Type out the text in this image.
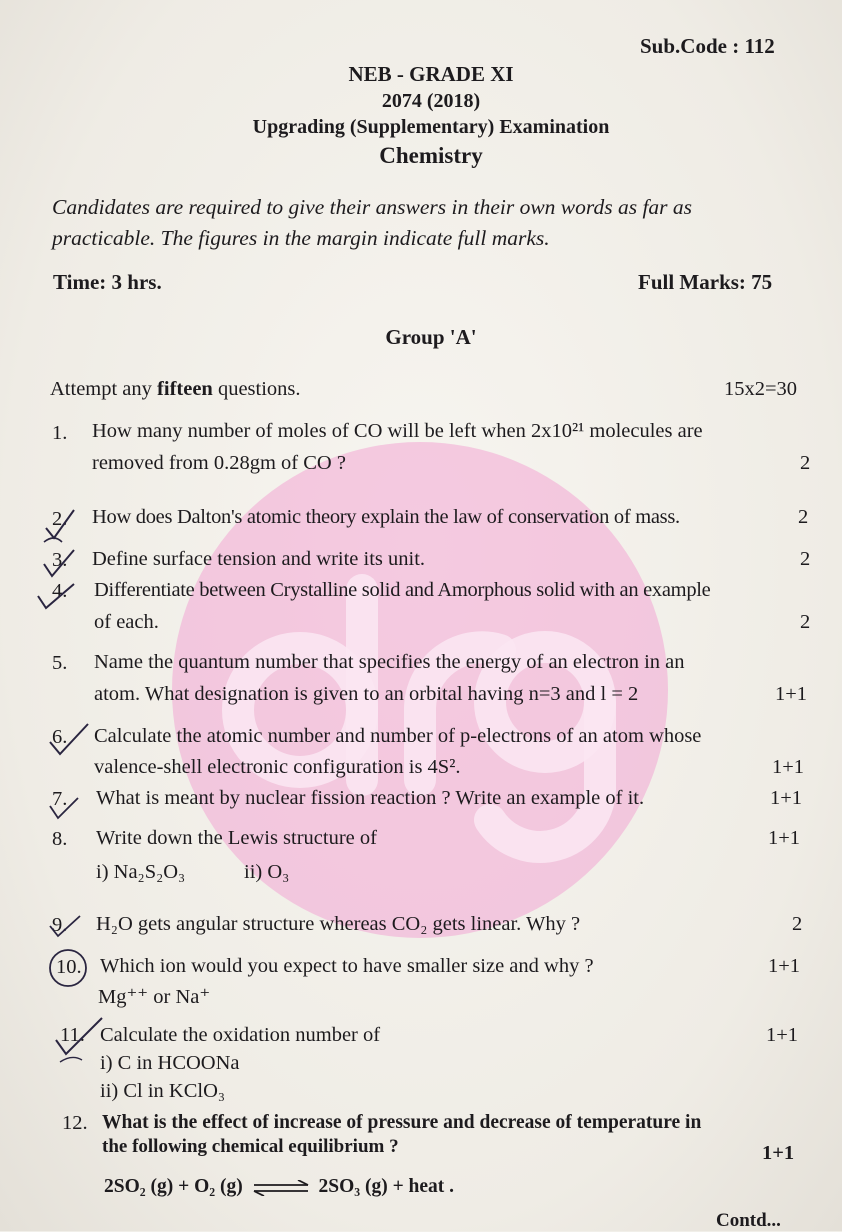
Sub.Code : 112
NEB - GRADE XI
2074 (2018)
Upgrading (Supplementary) Examination
Chemistry
Candidates are required to give their answers in their own words as far as
practicable. The figures in the margin indicate full marks.
Time: 3 hrs.	Full Marks: 75
Group 'A'
Attempt any fifteen questions.	15x2=30
1. How many number of moles of CO will be left when 2x10²¹ molecules are
removed from 0.28gm of CO ?	2
2. How does Dalton's atomic theory explain the law of conservation of mass.	2
3. Define surface tension and write its unit.	2
4. Differentiate between Crystalline solid and Amorphous solid with an example
of each.	2
5. Name the quantum number that specifies the energy of an electron in an
atom. What designation is given to an orbital having n=3 and l = 2	1+1
6. Calculate the atomic number and number of p-electrons of an atom whose
valence-shell electronic configuration is 4S².	1+1
7. What is meant by nuclear fission reaction ? Write an example of it.	1+1
8. Write down the Lewis structure of	1+1
i) Na₂S₂O₃	ii) O₃
9. H₂O gets angular structure whereas CO₂ gets linear. Why ?	2
10. Which ion would you expect to have smaller size and why ?	1+1
Mg⁺⁺ or Na⁺
11. Calculate the oxidation number of	1+1
i) C in HCOONa
ii) Cl in KClO₃
12. What is the effect of increase of pressure and decrease of temperature in
the following chemical equilibrium ?	1+1
2SO₂ (g) + O₂ (g) ⇌ 2SO₃ (g) + heat .
Contd...
